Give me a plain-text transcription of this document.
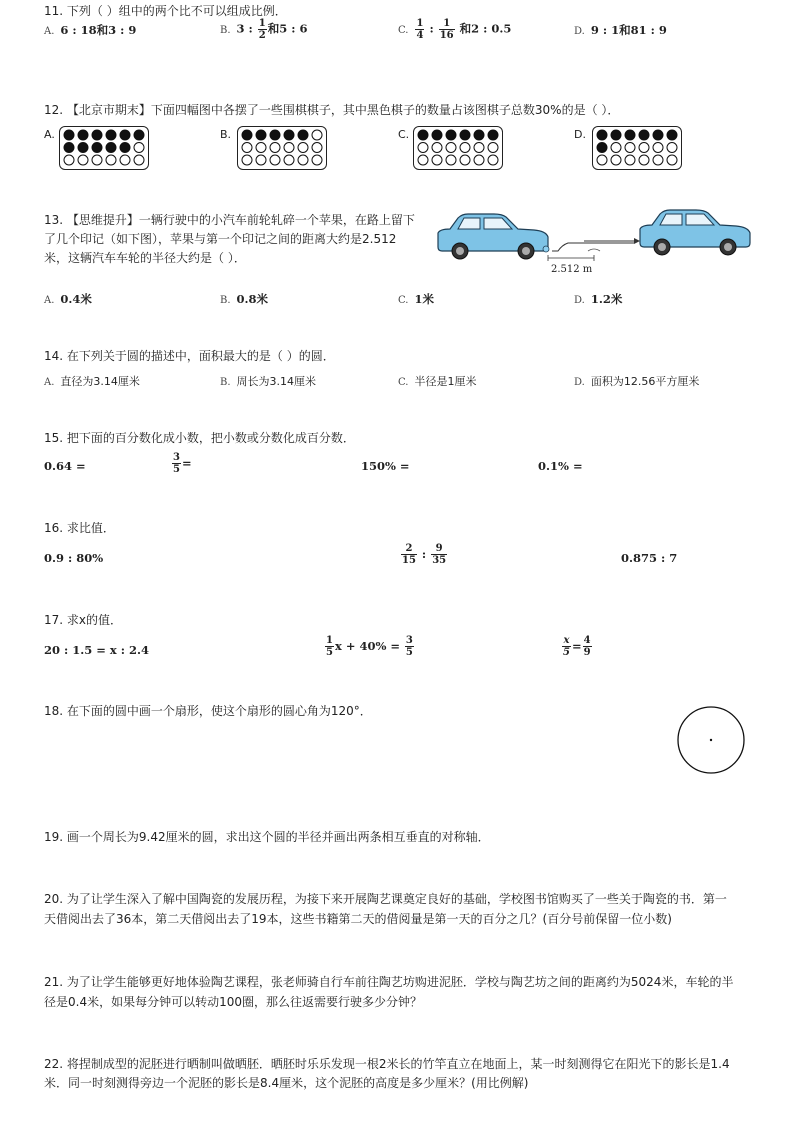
11. 下列（ ）组中的两个比不可以组成比例．
A. 6 : 18和3 : 9	B. 3 : $\frac{1}{2}$ 和5 : 6	C. $\frac{1}{4}$ : $\frac{1}{16}$ 和2 : 0.5	D. 9 : 1和81 : 9
12. 【北京市期末】下面四幅图中各摆了一些围棋棋子，其中黑色棋子的数量占该图棋子总数30%的是（ ）．
A.	B.	C.	D.
13. 【思维提升】一辆行驶中的小汽车前轮轧碎一个苹果，在路上留下
了几个印记（如下图），苹果与第一个印记之间的距离大约是2.512
米，这辆汽车车轮的半径大约是（ ）．
2.512 m
A. 0.4米	B. 0.8米	C. 1米	D. 1.2米
14. 在下列关于圆的描述中，面积最大的是（ ）的圆．
A. 直径为3.14厘米	B. 周长为3.14厘米	C. 半径是1厘米	D. 面积为12.56平方厘米
15. 把下面的百分数化成小数，把小数或分数化成百分数．
0.64 =	$\frac{3}{5}$ =	150% =	0.1% =
16. 求比值．
0.9 : 80%	$\frac{2}{15}$ : $\frac{9}{35}$	0.875 : 7
17. 求x的值．
20 : 1.5 = x : 2.4	$\frac{1}{5}$ $x + 40\% = \frac{3}{5}$	$\frac{x}{5} = \frac{4}{9}$
18. 在下面的圆中画一个扇形，使这个扇形的圆心角为120°．
19. 画一个周长为9.42厘米的圆，求出这个圆的半径并画出两条相互垂直的对称轴．
20. 为了让学生深入了解中国陶瓷的发展历程，为接下来开展陶艺课奠定良好的基础，学校图书馆购买了一些关于陶瓷的书．第一
天借阅出去了36本，第二天借阅出去了19本，这些书籍第二天的借阅量是第一天的百分之几？(百分号前保留一位小数)
21. 为了让学生能够更好地体验陶艺课程，张老师骑自行车前往陶艺坊购进泥胚．学校与陶艺坊之间的距离约为5024米，车轮的半
径是0.4米，如果每分钟可以转动100圈，那么往返需要行驶多少分钟？
22. 将捏制成型的泥胚进行晒制叫做晒胚．晒胚时乐乐发现一根2米长的竹竿直立在地面上，某一时刻测得它在阳光下的影长是1.4
米．同一时刻测得旁边一个泥胚的影长是8.4厘米，这个泥胚的高度是多少厘米？(用比例解)
